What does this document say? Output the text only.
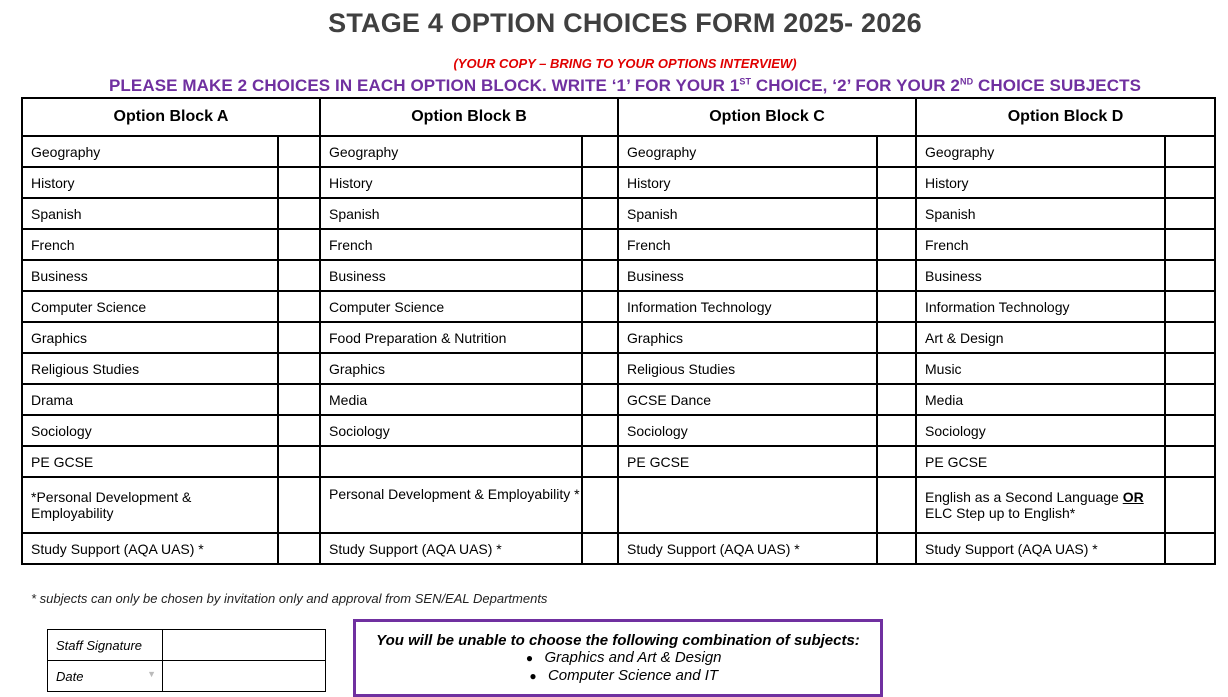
STAGE 4 OPTION CHOICES FORM 2025- 2026
(YOUR COPY – BRING TO YOUR OPTIONS INTERVIEW)
PLEASE MAKE 2 CHOICES IN EACH OPTION BLOCK. WRITE ‘1’ FOR YOUR 1ST CHOICE, ‘2’ FOR YOUR 2ND CHOICE SUBJECTS
Option Block A		Option Block B		Option Block C		Option Block D	
Geography		Geography		Geography		Geography	
History		History		History		History	
Spanish		Spanish		Spanish		Spanish	
French		French		French		French	
Business		Business		Business		Business	
Computer Science		Computer Science		Information Technology		Information Technology	
Graphics		Food Preparation & Nutrition		Graphics		Art & Design	
Religious Studies		Graphics		Religious Studies		Music	
Drama		Media		GCSE Dance		Media	
Sociology		Sociology		Sociology		Sociology	
PE GCSE				PE GCSE		PE GCSE	
*Personal Development & Employability		Personal Development & Employability *				English as a Second Language OR
ELC Step up to English*	
Study Support (AQA UAS) *		Study Support (AQA UAS) *		Study Support (AQA UAS) *		Study Support (AQA UAS) *	
* subjects can only be chosen by invitation only and approval from SEN/EAL Departments
Staff Signature	
Date ▼	

You will be unable to choose the following combination of subjects:
● Graphics and Art & Design
● Computer Science and IT
